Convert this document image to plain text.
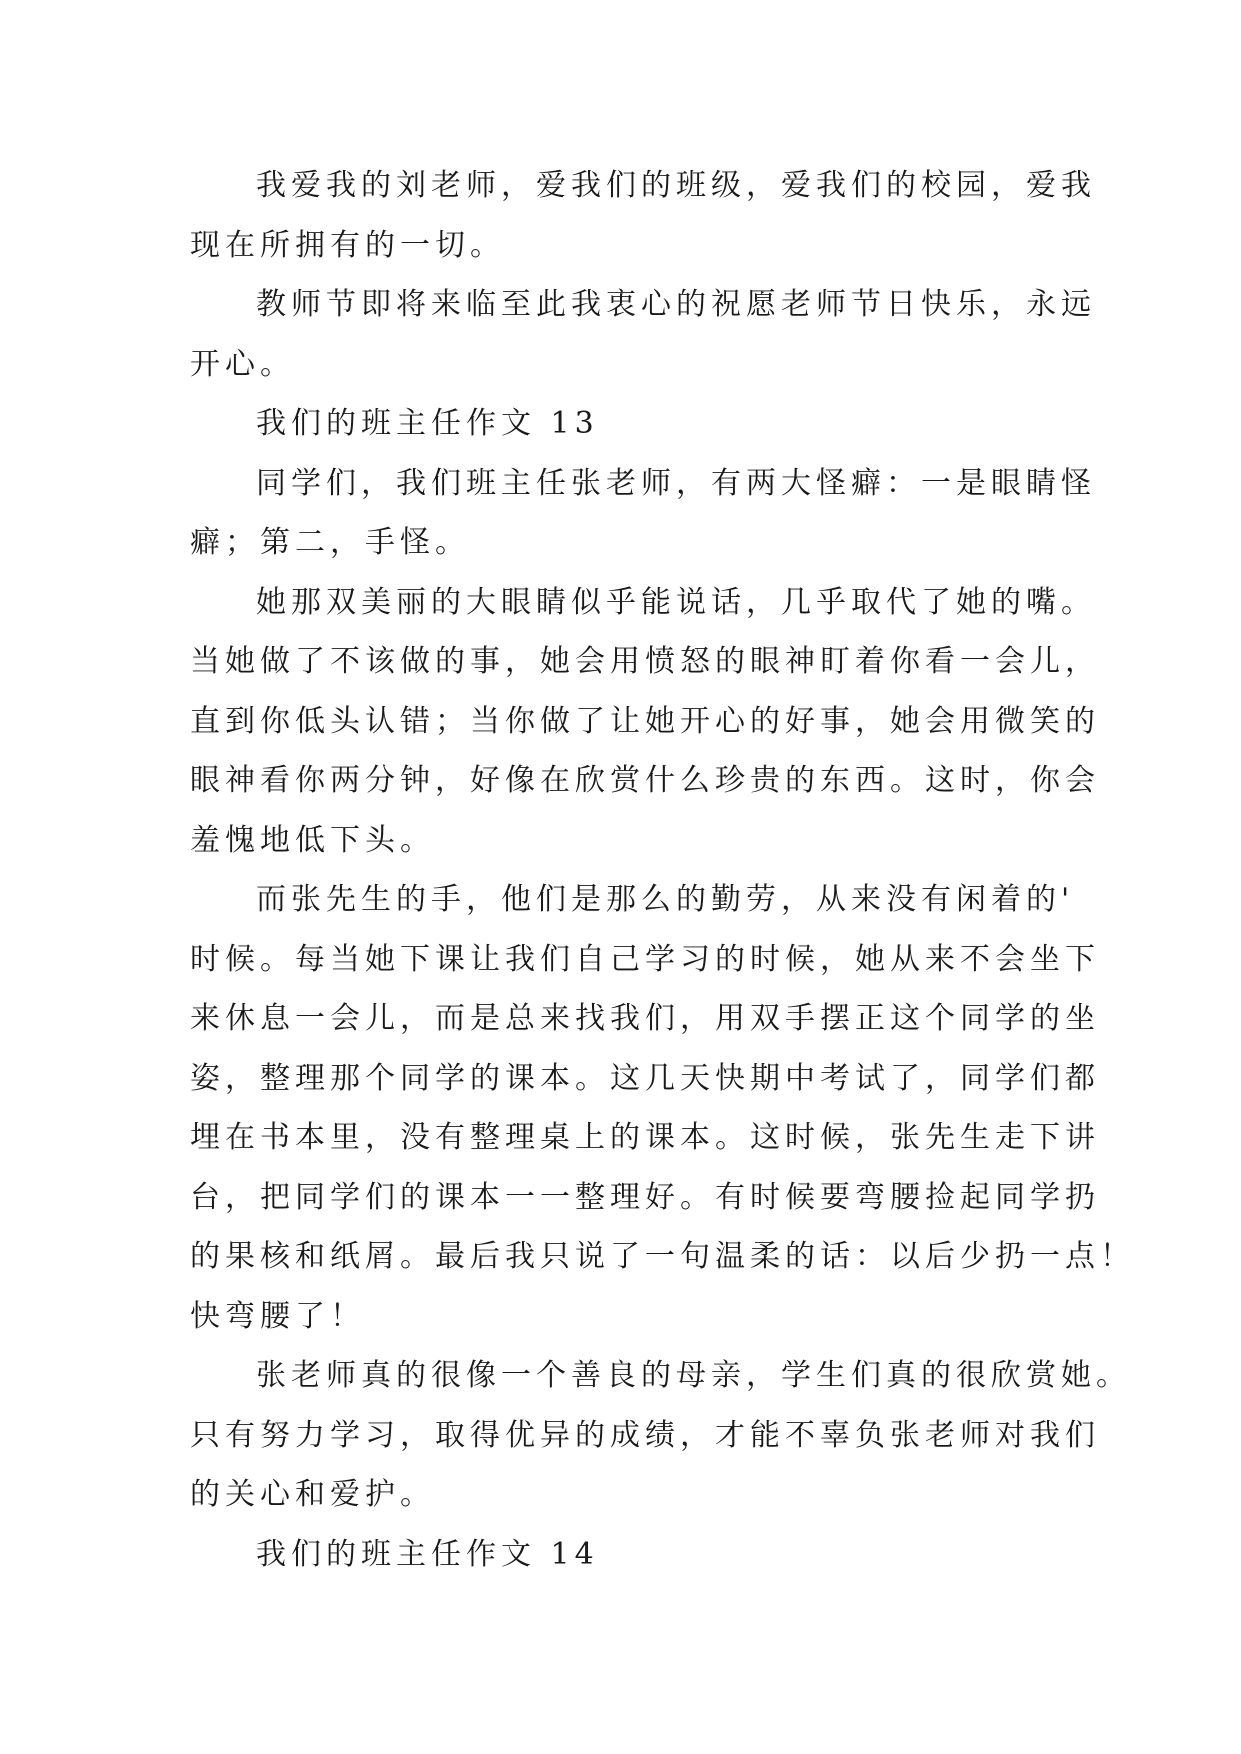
我爱我的刘老师，爱我们的班级，爱我们的校园，爱我
现在所拥有的一切。
教师节即将来临至此我衷心的祝愿老师节日快乐，永远
开心。
我们的班主任作文 13
同学们，我们班主任张老师，有两大怪癖：一是眼睛怪
癖；第二，手怪。
她那双美丽的大眼睛似乎能说话，几乎取代了她的嘴。
当她做了不该做的事，她会用愤怒的眼神盯着你看一会儿，
直到你低头认错；当你做了让她开心的好事，她会用微笑的
眼神看你两分钟，好像在欣赏什么珍贵的东西。这时，你会
羞愧地低下头。
而张先生的手，他们是那么的勤劳，从来没有闲着的'
时候。每当她下课让我们自己学习的时候，她从来不会坐下
来休息一会儿，而是总来找我们，用双手摆正这个同学的坐
姿，整理那个同学的课本。这几天快期中考试了，同学们都
埋在书本里，没有整理桌上的课本。这时候，张先生走下讲
台，把同学们的课本一一整理好。有时候要弯腰捡起同学扔
的果核和纸屑。最后我只说了一句温柔的话：以后少扔一点！
快弯腰了！
张老师真的很像一个善良的母亲，学生们真的很欣赏她。
只有努力学习，取得优异的成绩，才能不辜负张老师对我们
的关心和爱护。
我们的班主任作文 14
